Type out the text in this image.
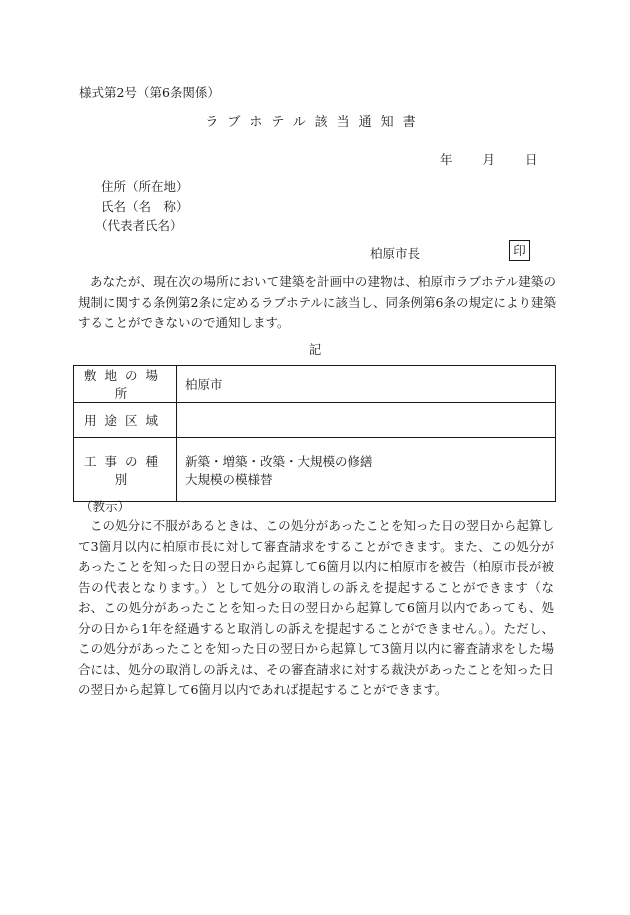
様式第2号（第6条関係）
ラブホテル該当通知書
年 月 日
住所（所在地）
氏名（名　称）
（代表者氏名）
柏原市長	印
あなたが、現在次の場所において建築を計画中の建物は、柏原市ラブホテル建築の規制に関する条例第2条に定めるラブホテルに該当し、同条例第6条の規定により建築することができないので通知します。
記
敷地の場所	柏原市
用途区域	
工事の種別	新築・増築・改築・大規模の修繕
大規模の模様替
（教示）
この処分に不服があるときは、この処分があったことを知った日の翌日から起算して3箇月以内に柏原市長に対して審査請求をすることができます。また、この処分があったことを知った日の翌日から起算して6箇月以内に柏原市を被告（柏原市長が被告の代表となります。）として処分の取消しの訴えを提起することができます（なお、この処分があったことを知った日の翌日から起算して6箇月以内であっても、処分の日から1年を経過すると取消しの訴えを提起することができません。）。ただし、この処分があったことを知った日の翌日から起算して3箇月以内に審査請求をした場合には、処分の取消しの訴えは、その審査請求に対する裁決があったことを知った日の翌日から起算して6箇月以内であれば提起することができます。
